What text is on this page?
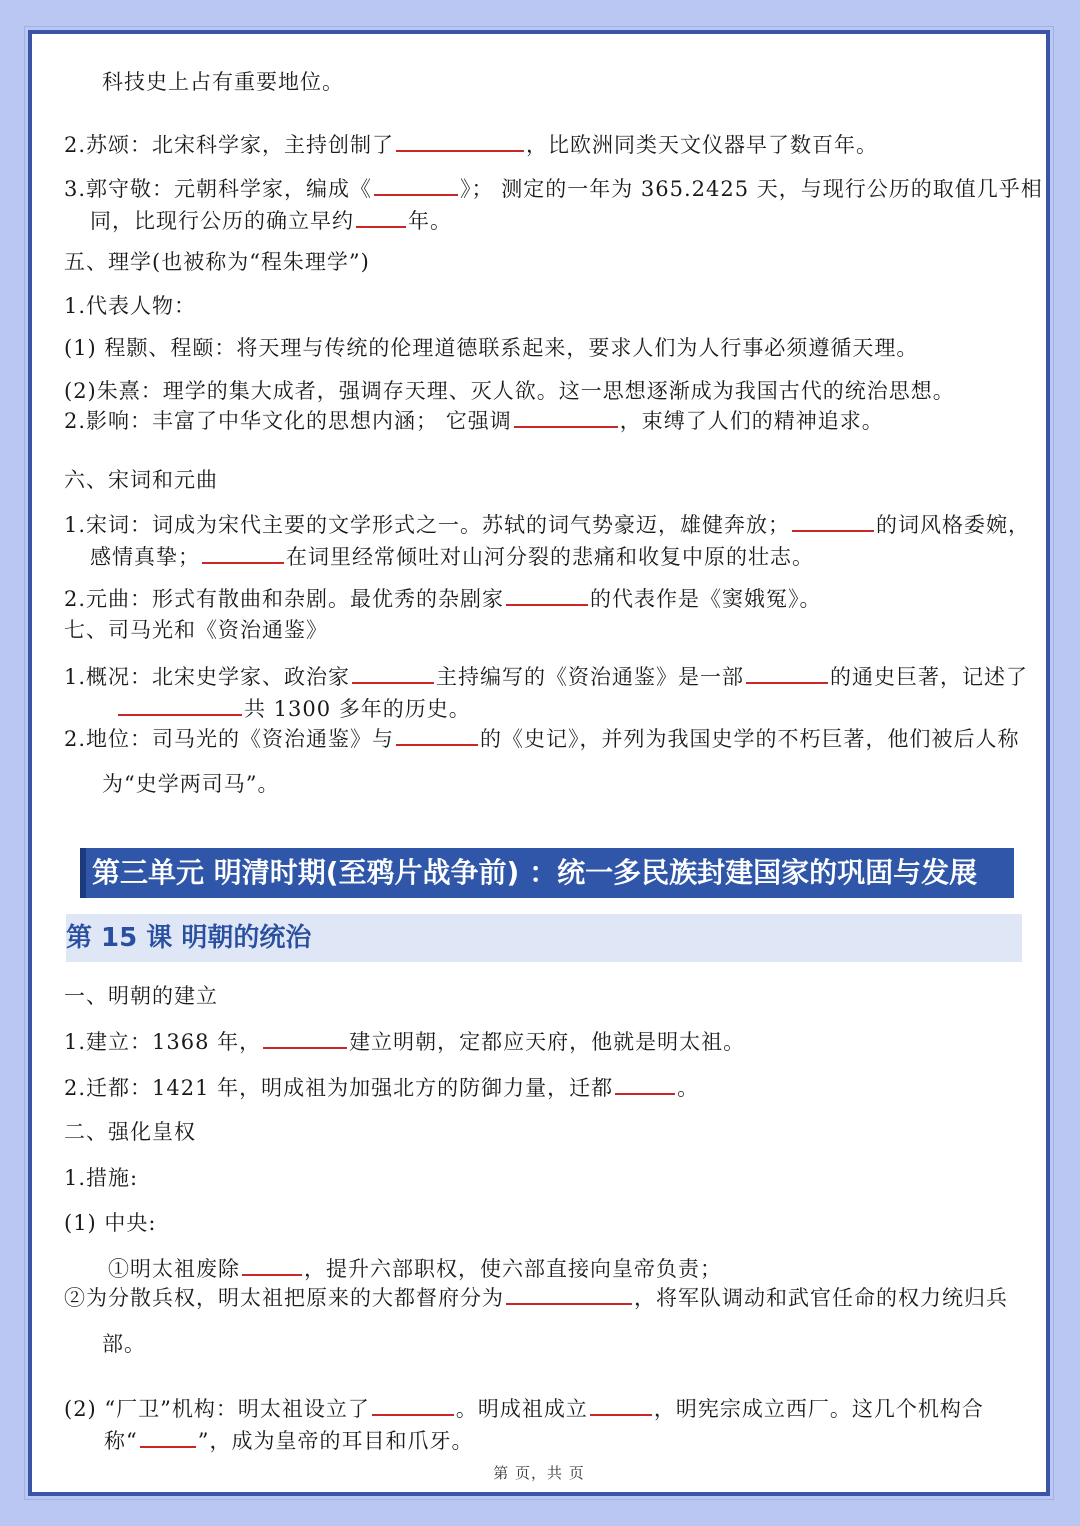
科技史上占有重要地位。
2.苏颂：北宋科学家，主持创制了	，比欧洲同类天文仪器早了数百年。
3.郭守敬：元朝科学家，编成《	》； 测定的一年为 365.2425 天，与现行公历的取值几乎相
同，比现行公历的确立早约	年。
五、理学(也被称为“程朱理学”)
1.代表人物：
(1) 程颢、程颐：将天理与传统的伦理道德联系起来，要求人们为人行事必须遵循天理。
(2)朱熹：理学的集大成者，强调存天理、灭人欲。这一思想逐渐成为我国古代的统治思想。
2.影响：丰富了中华文化的思想内涵； 它强调	，束缚了人们的精神追求。
六、宋词和元曲
1.宋词：词成为宋代主要的文学形式之一。苏轼的词气势豪迈，雄健奔放；	的词风格委婉，
感情真挚；	在词里经常倾吐对山河分裂的悲痛和收复中原的壮志。
2.元曲：形式有散曲和杂剧。最优秀的杂剧家	的代表作是《窦娥冤》。
七、司马光和《资治通鉴》
1.概况：北宋史学家、政治家	主持编写的《资治通鉴》是一部	的通史巨著，记述了
共 1300 多年的历史。
2.地位：司马光的《资治通鉴》与	的《史记》，并列为我国史学的不朽巨著，他们被后人称
为“史学两司马”。
第三单元 明清时期(至鸦片战争前) ：统一多民族封建国家的巩固与发展
第 15 课 明朝的统治
一、明朝的建立
1.建立：1368 年，	建立明朝，定都应天府，他就是明太祖。
2.迁都：1421 年，明成祖为加强北方的防御力量，迁都	。
二、强化皇权
1.措施:
(1) 中央:
①明太祖废除	，提升六部职权，使六部直接向皇帝负责；
②为分散兵权，明太祖把原来的大都督府分为	，将军队调动和武官任命的权力统归兵
部。
(2) “厂卫”机构：明太祖设立了	。明成祖成立	，明宪宗成立西厂。这几个机构合
称“	”，成为皇帝的耳目和爪牙。
第 页，共 页
